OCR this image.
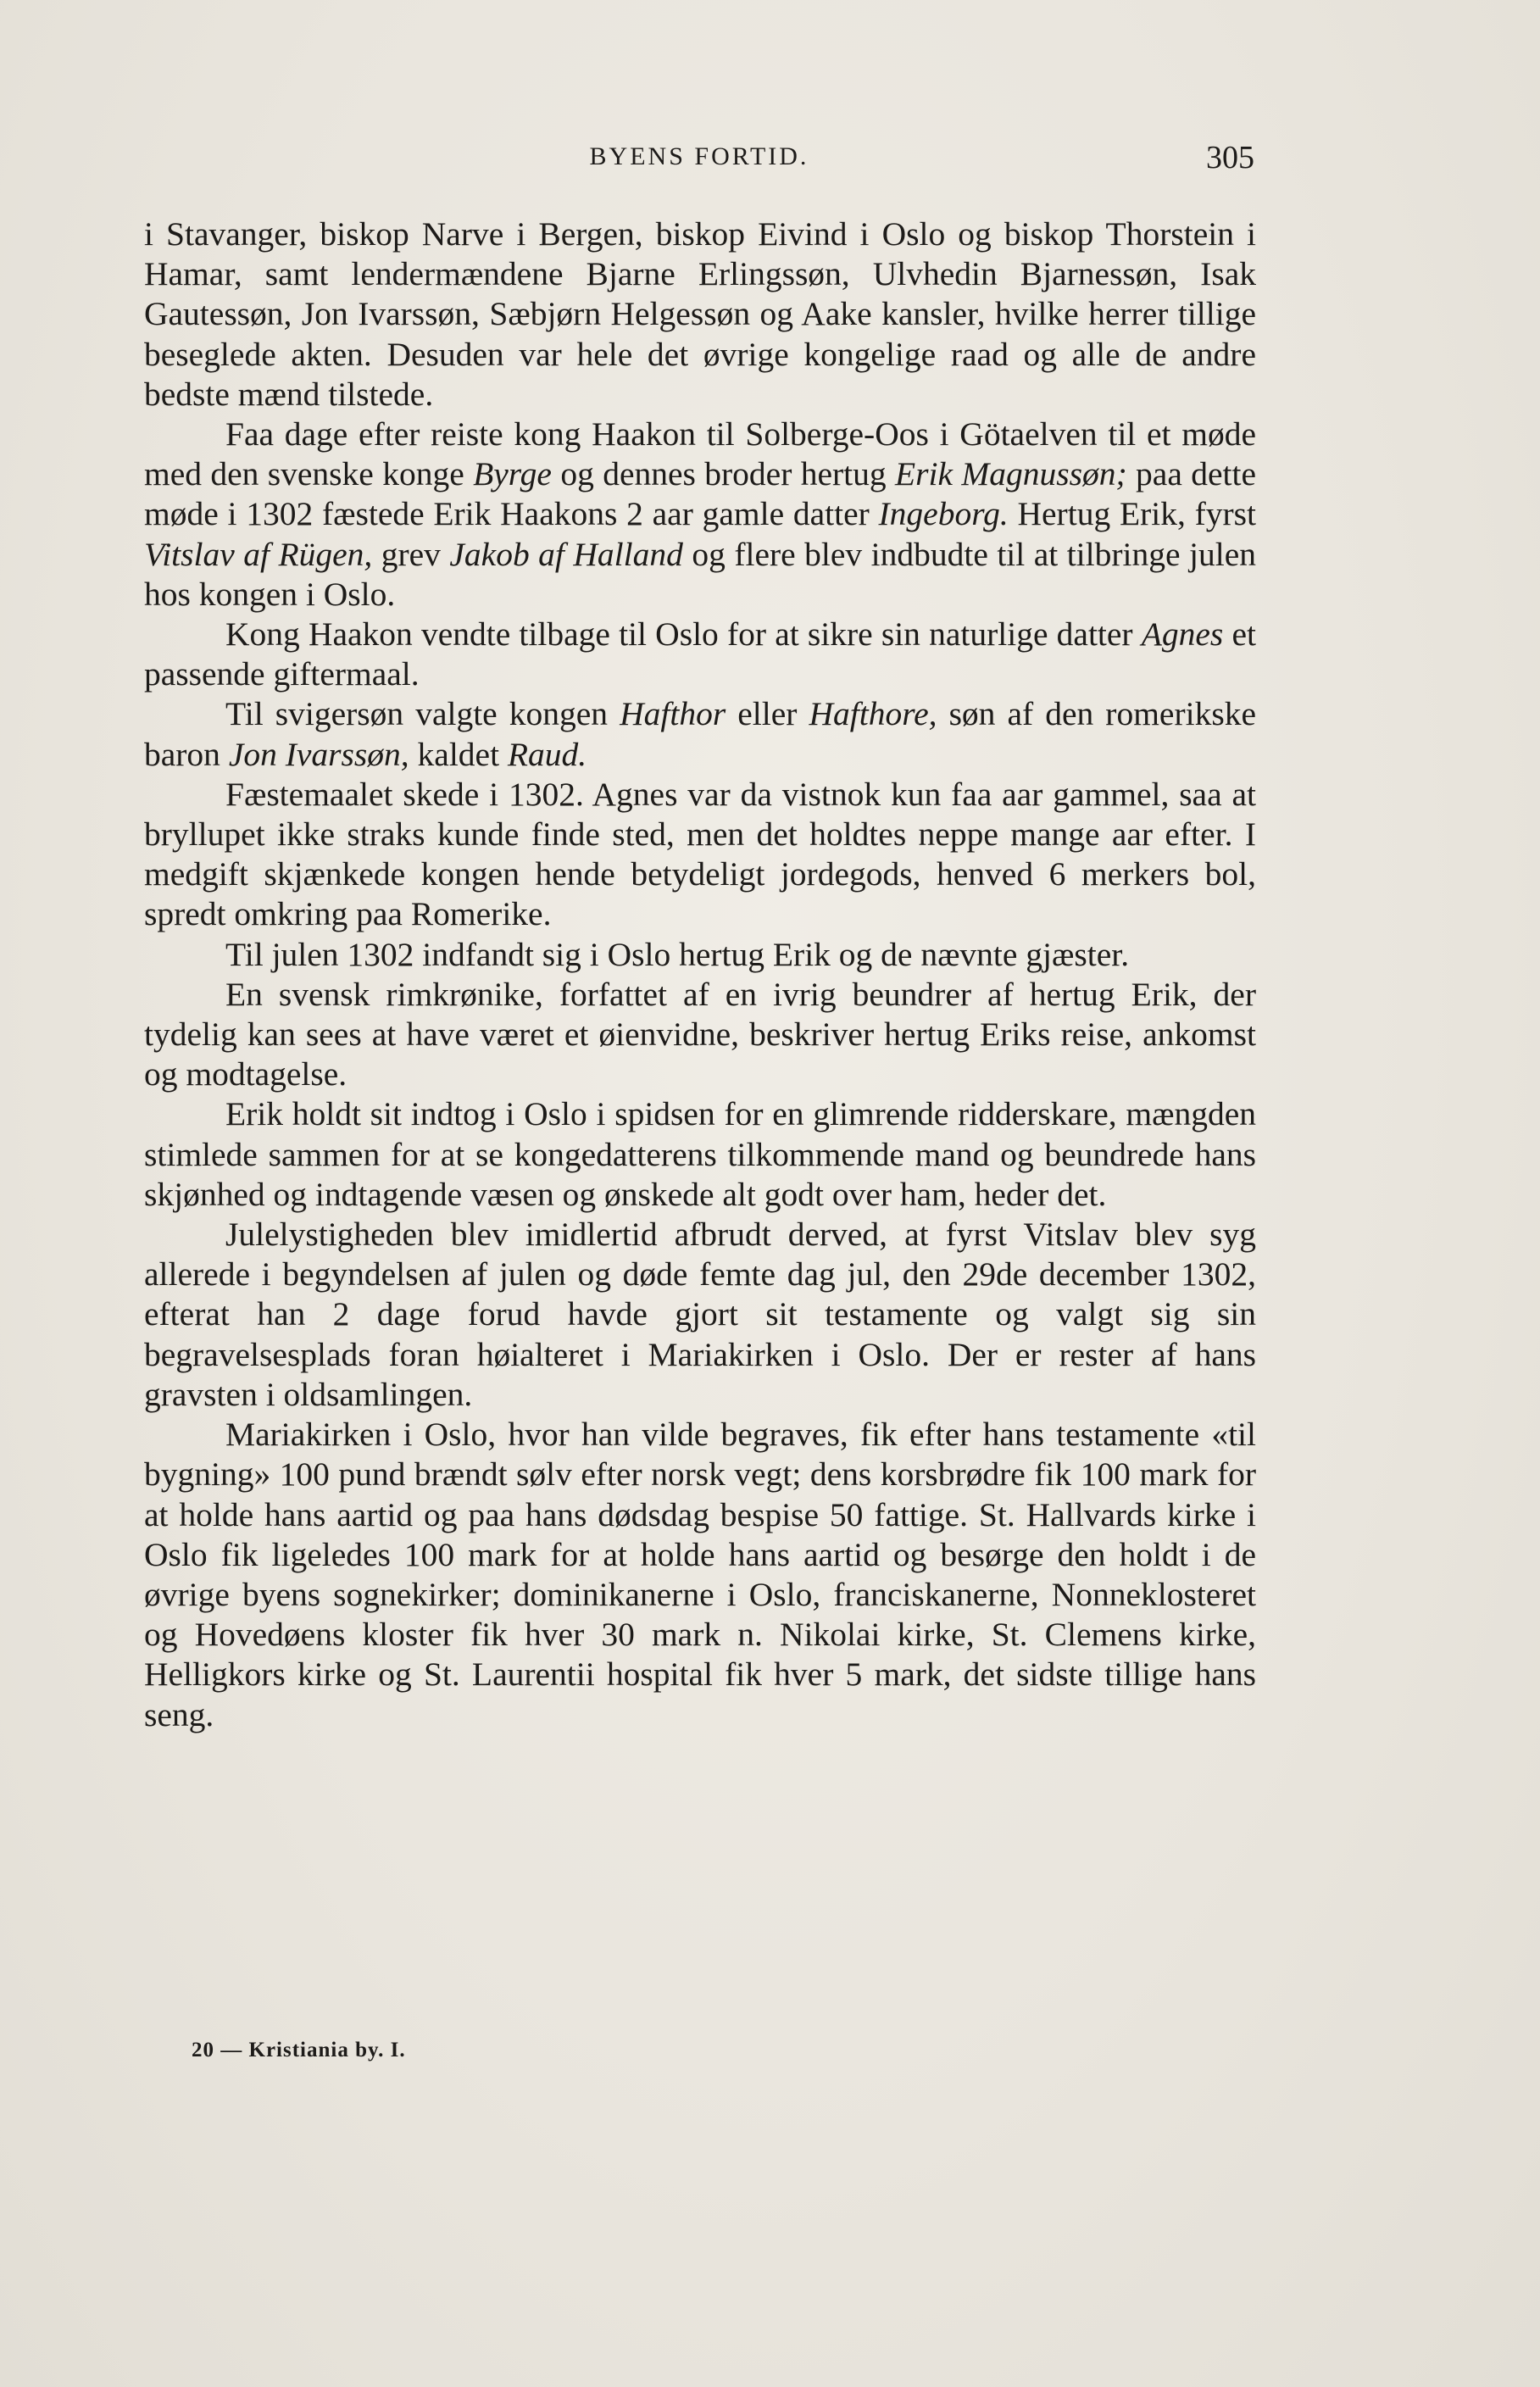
BYENS FORTID.	305

i Stavanger, biskop Narve i Bergen, biskop Eivind i Oslo og biskop Thorstein i Hamar, samt lendermændene Bjarne Erlingssøn, Ulvhedin Bjarnessøn, Isak Gautessøn, Jon Ivarssøn, Sæbjørn Helgessøn og Aake kansler, hvilke herrer tillige beseglede akten. Desuden var hele det øvrige kongelige raad og alle de andre bedste mænd tilstede.

Faa dage efter reiste kong Haakon til Solberge-Oos i Götaelven til et møde med den svenske konge Byrge og dennes broder hertug Erik Magnussøn; paa dette møde i 1302 fæstede Erik Haakons 2 aar gamle datter Ingeborg. Hertug Erik, fyrst Vitslav af Rügen, grev Jakob af Halland og flere blev indbudte til at tilbringe julen hos kongen i Oslo.

Kong Haakon vendte tilbage til Oslo for at sikre sin naturlige datter Agnes et passende giftermaal.

Til svigersøn valgte kongen Hafthor eller Hafthore, søn af den romerikske baron Jon Ivarssøn, kaldet Raud.

Fæstemaalet skede i 1302. Agnes var da vistnok kun faa aar gammel, saa at bryllupet ikke straks kunde finde sted, men det holdtes neppe mange aar efter. I medgift skjænkede kongen hende betydeligt jordegods, henved 6 merkers bol, spredt omkring paa Romerike.

Til julen 1302 indfandt sig i Oslo hertug Erik og de nævnte gjæster.

En svensk rimkrønike, forfattet af en ivrig beundrer af hertug Erik, der tydelig kan sees at have været et øienvidne, beskriver hertug Eriks reise, ankomst og modtagelse.

Erik holdt sit indtog i Oslo i spidsen for en glimrende ridderskare, mængden stimlede sammen for at se kongedatterens tilkommende mand og beundrede hans skjønhed og indtagende væsen og ønskede alt godt over ham, heder det.

Julelystigheden blev imidlertid afbrudt derved, at fyrst Vitslav blev syg allerede i begyndelsen af julen og døde femte dag jul, den 29de december 1302, efterat han 2 dage forud havde gjort sit testamente og valgt sig sin begravelsesplads foran høialteret i Mariakirken i Oslo. Der er rester af hans gravsten i oldsamlingen.

Mariakirken i Oslo, hvor han vilde begraves, fik efter hans testamente «til bygning» 100 pund brændt sølv efter norsk vegt; dens korsbrødre fik 100 mark for at holde hans aartid og paa hans dødsdag bespise 50 fattige. St. Hallvards kirke i Oslo fik ligeledes 100 mark for at holde hans aartid og besørge den holdt i de øvrige byens sognekirker; dominikanerne i Oslo, franciskanerne, Nonneklosteret og Hovedøens kloster fik hver 30 mark n. Nikolai kirke, St. Clemens kirke, Helligkors kirke og St. Laurentii hospital fik hver 5 mark, det sidste tillige hans seng.

20 — Kristiania by. I.
